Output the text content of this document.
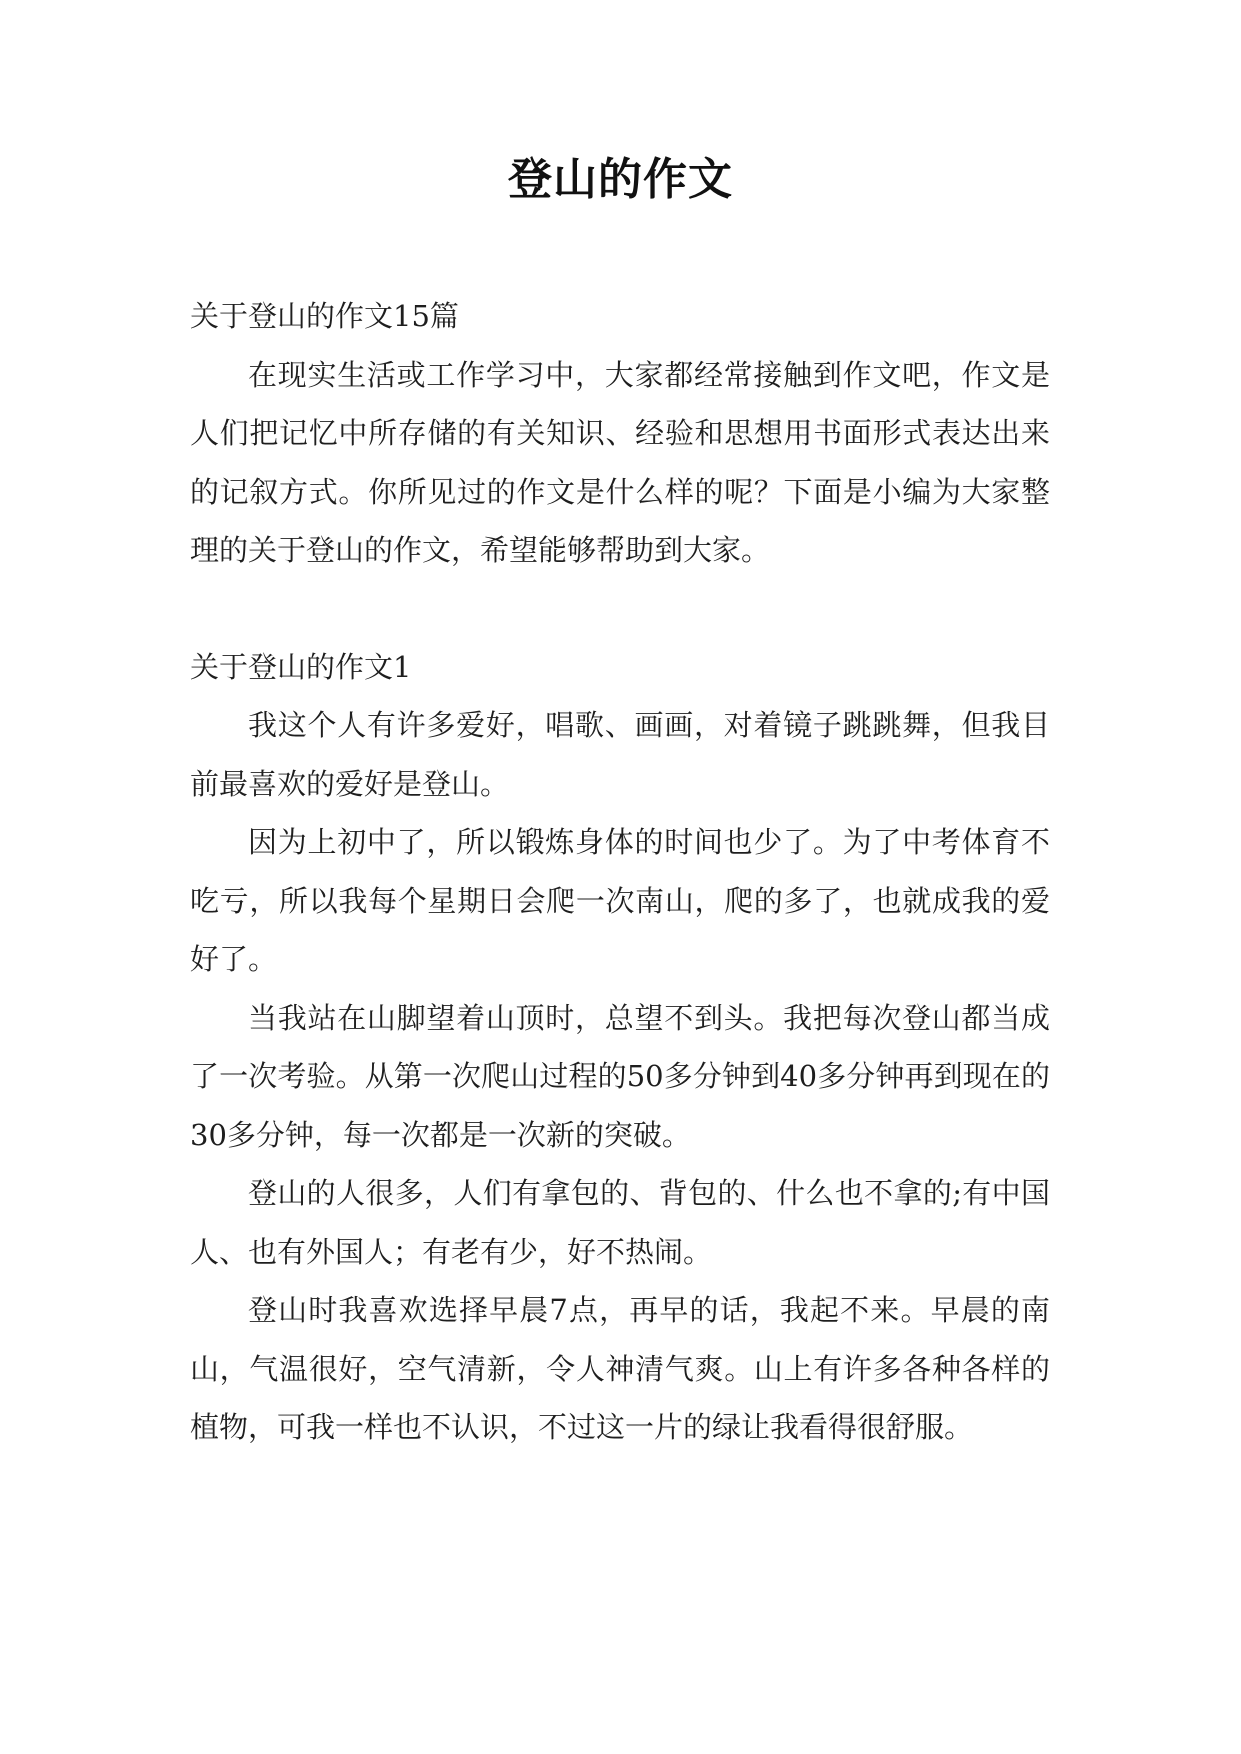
登山的作文

关于登山的作文15篇

在现实生活或工作学习中，大家都经常接触到作文吧，作文是人们把记忆中所存储的有关知识、经验和思想用书面形式表达出来的记叙方式。你所见过的作文是什么样的呢？下面是小编为大家整理的关于登山的作文，希望能够帮助到大家。

关于登山的作文1

我这个人有许多爱好，唱歌、画画，对着镜子跳跳舞，但我目前最喜欢的爱好是登山。

因为上初中了，所以锻炼身体的时间也少了。为了中考体育不吃亏，所以我每个星期日会爬一次南山，爬的多了，也就成我的爱好了。

当我站在山脚望着山顶时，总望不到头。我把每次登山都当成了一次考验。从第一次爬山过程的50多分钟到40多分钟再到现在的30多分钟，每一次都是一次新的突破。

登山的人很多，人们有拿包的、背包的、什么也不拿的;有中国人、也有外国人；有老有少，好不热闹。

登山时我喜欢选择早晨7点，再早的话，我起不来。早晨的南山，气温很好，空气清新，令人神清气爽。山上有许多各种各样的植物，可我一样也不认识，不过这一片的绿让我看得很舒服。
